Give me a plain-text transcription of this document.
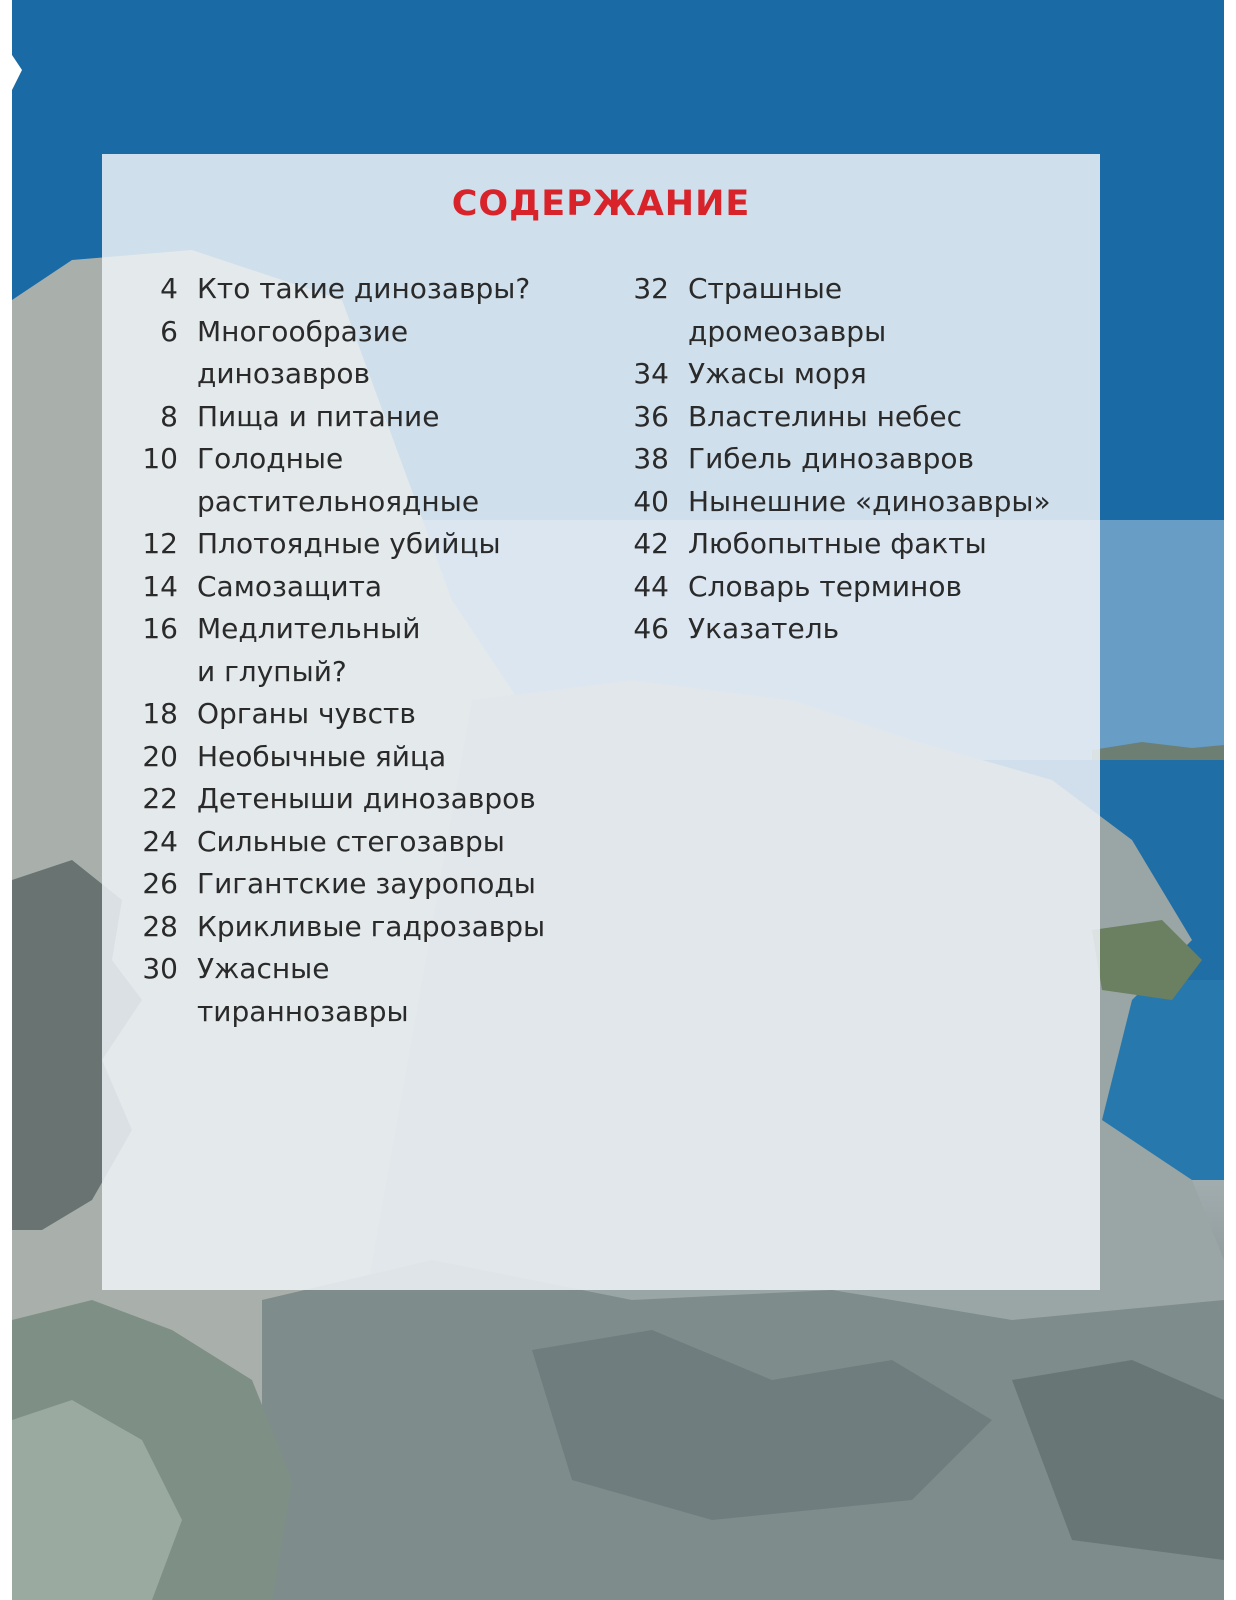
СОДЕРЖАНИЕ
4 Кто такие динозавры?
6 Многообразие
динозавров
8 Пища и питание
10 Голодные
растительноядные
12 Плотоядные убийцы
14 Самозащита
16 Медлительный
и глупый?
18 Органы чувств
20 Необычные яйца
22 Детеныши динозавров
24 Сильные стегозавры
26 Гигантские зауроподы
28 Крикливые гадрозавры
30 Ужасные
тираннозавры
32 Страшные
дромеозавры
34 Ужасы моря
36 Властелины небес
38 Гибель динозавров
40 Нынешние «динозавры»
42 Любопытные факты
44 Словарь терминов
46 Указатель
